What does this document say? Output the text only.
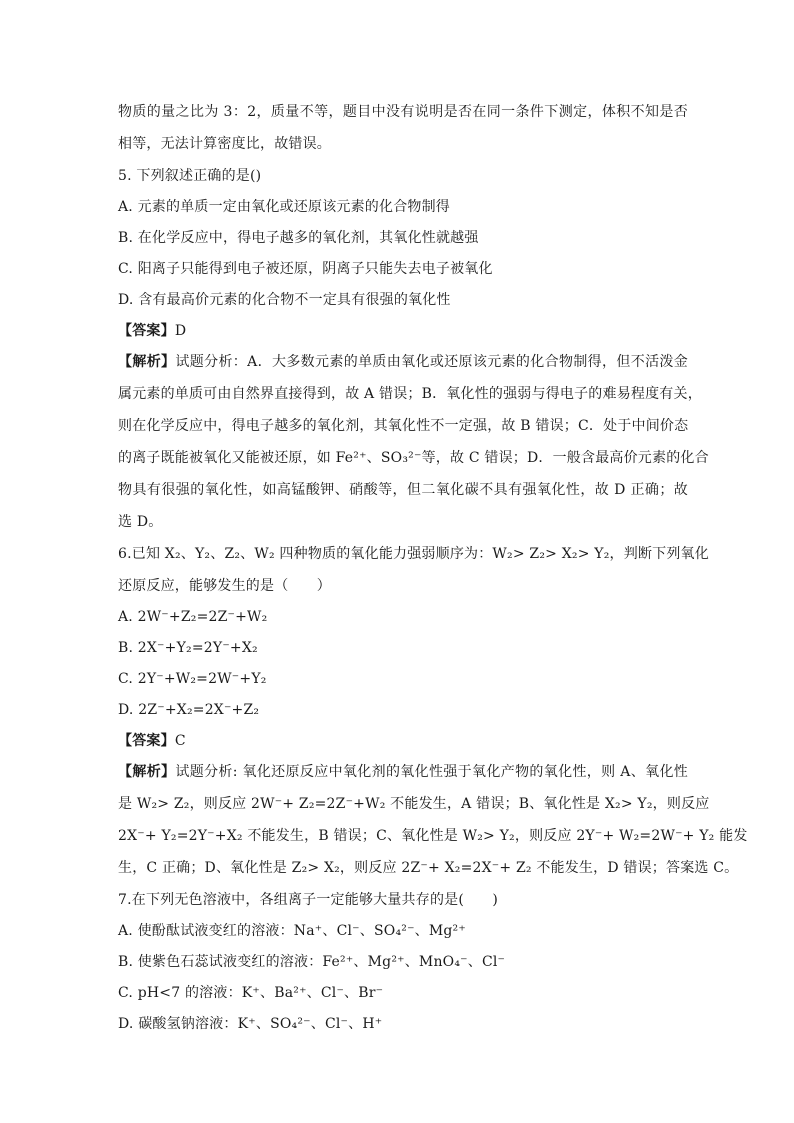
物质的量之比为 3：2，质量不等，题目中没有说明是否在同一条件下测定，体积不知是否
相等，无法计算密度比，故错误。
5. 下列叙述正确的是()
A. 元素的单质一定由氧化或还原该元素的化合物制得
B. 在化学反应中，得电子越多的氧化剂，其氧化性就越强
C. 阳离子只能得到电子被还原，阴离子只能失去电子被氧化
D. 含有最高价元素的化合物不一定具有很强的氧化性
【答案】D
【解析】试题分析：A．大多数元素的单质由氧化或还原该元素的化合物制得，但不活泼金
属元素的单质可由自然界直接得到，故 A 错误；B．氧化性的强弱与得电子的难易程度有关，
则在化学反应中，得电子越多的氧化剂，其氧化性不一定强，故 B 错误；C．处于中间价态
的离子既能被氧化又能被还原，如 Fe²⁺、SO₃²⁻等，故 C 错误；D．一般含最高价元素的化合
物具有很强的氧化性，如高锰酸钾、硝酸等，但二氧化碳不具有强氧化性，故 D 正确；故
选 D。
6.已知 X₂、Y₂、Z₂、W₂ 四种物质的氧化能力强弱顺序为：W₂> Z₂> X₂> Y₂，判断下列氧化
还原反应，能够发生的是（　　）
A. 2W⁻+Z₂=2Z⁻+W₂
B. 2X⁻+Y₂=2Y⁻+X₂
C. 2Y⁻+W₂=2W⁻+Y₂
D. 2Z⁻+X₂=2X⁻+Z₂
【答案】C
【解析】试题分析: 氧化还原反应中氧化剂的氧化性强于氧化产物的氧化性，则 A、氧化性
是 W₂> Z₂，则反应 2W⁻+ Z₂=2Z⁻+W₂ 不能发生，A 错误；B、氧化性是 X₂> Y₂，则反应
2X⁻+ Y₂=2Y⁻+X₂ 不能发生，B 错误；C、氧化性是 W₂> Y₂，则反应 2Y⁻+ W₂=2W⁻+ Y₂ 能发
生，C 正确；D、氧化性是 Z₂> X₂，则反应 2Z⁻+ X₂=2X⁻+ Z₂ 不能发生，D 错误；答案选 C。
7.在下列无色溶液中，各组离子一定能够大量共存的是(　　)
A. 使酚酞试液变红的溶液：Na⁺、Cl⁻、SO₄²⁻、Mg²⁺
B. 使紫色石蕊试液变红的溶液：Fe²⁺、Mg²⁺、MnO₄⁻、Cl⁻
C. pH<7 的溶液：K⁺、Ba²⁺、Cl⁻、Br⁻
D. 碳酸氢钠溶液：K⁺、SO₄²⁻、Cl⁻、H⁺
